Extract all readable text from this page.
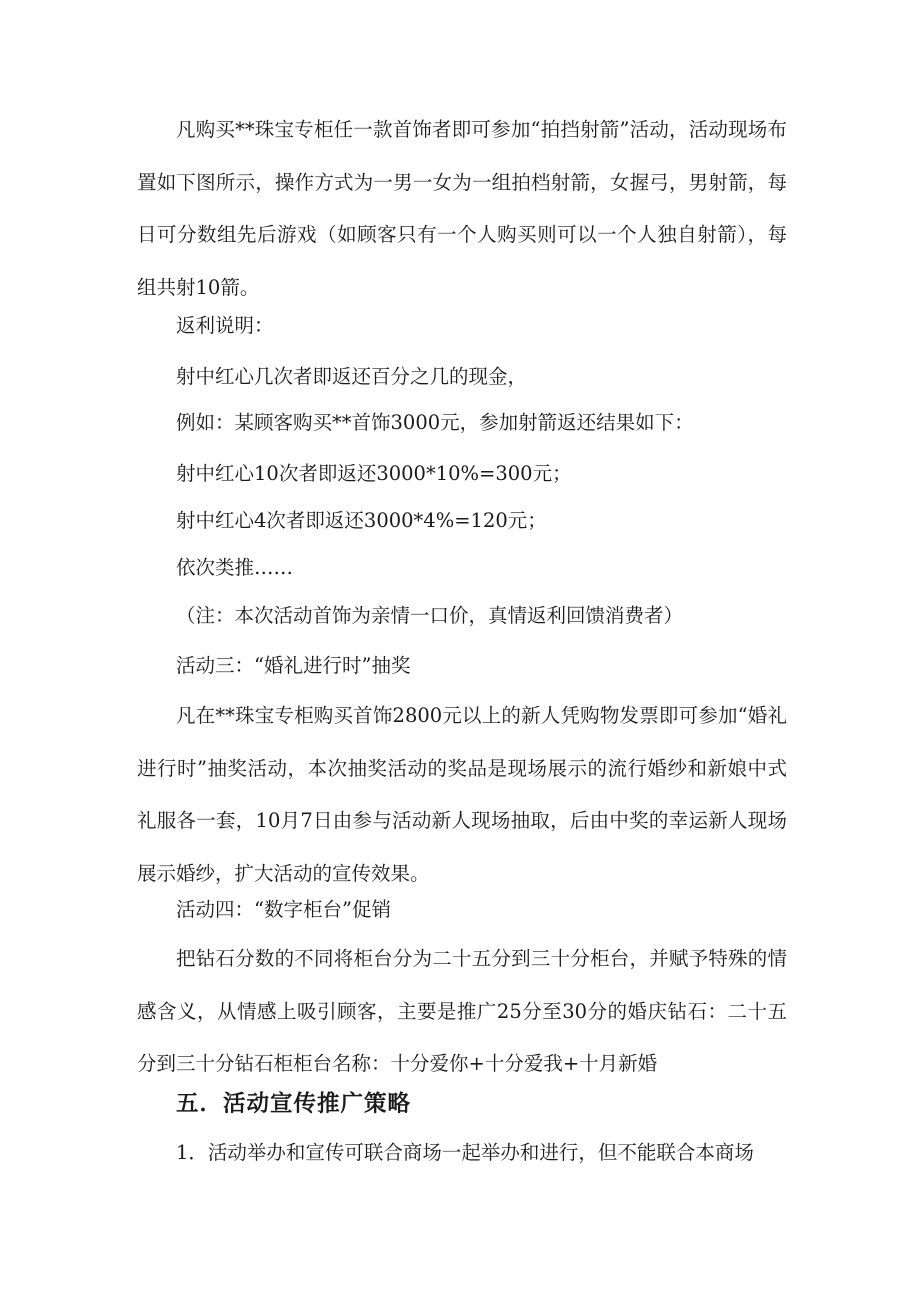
凡购买**珠宝专柜任一款首饰者即可参加“拍挡射箭”活动，活动现场布置如下图所示，操作方式为一男一女为一组拍档射箭，女握弓，男射箭，每日可分数组先后游戏（如顾客只有一个人购买则可以一个人独自射箭），每组共射10箭。

返利说明：

射中红心几次者即返还百分之几的现金，

例如：某顾客购买**首饰3000元，参加射箭返还结果如下：

射中红心10次者即返还3000*10%=300元；

射中红心4次者即返还3000*4%=120元；

依次类推……

（注：本次活动首饰为亲情一口价，真情返利回馈消费者）

活动三：“婚礼进行时”抽奖

凡在**珠宝专柜购买首饰2800元以上的新人凭购物发票即可参加“婚礼进行时”抽奖活动，本次抽奖活动的奖品是现场展示的流行婚纱和新娘中式礼服各一套，10月7日由参与活动新人现场抽取，后由中奖的幸运新人现场展示婚纱，扩大活动的宣传效果。

活动四：“数字柜台”促销

把钻石分数的不同将柜台分为二十五分到三十分柜台，并赋予特殊的情感含义，从情感上吸引顾客，主要是推广25分至30分的婚庆钻石：二十五分到三十分钻石柜柜台名称：十分爱你+十分爱我+十月新婚

五．活动宣传推广策略

1．活动举办和宣传可联合商场一起举办和进行，但不能联合本商场
